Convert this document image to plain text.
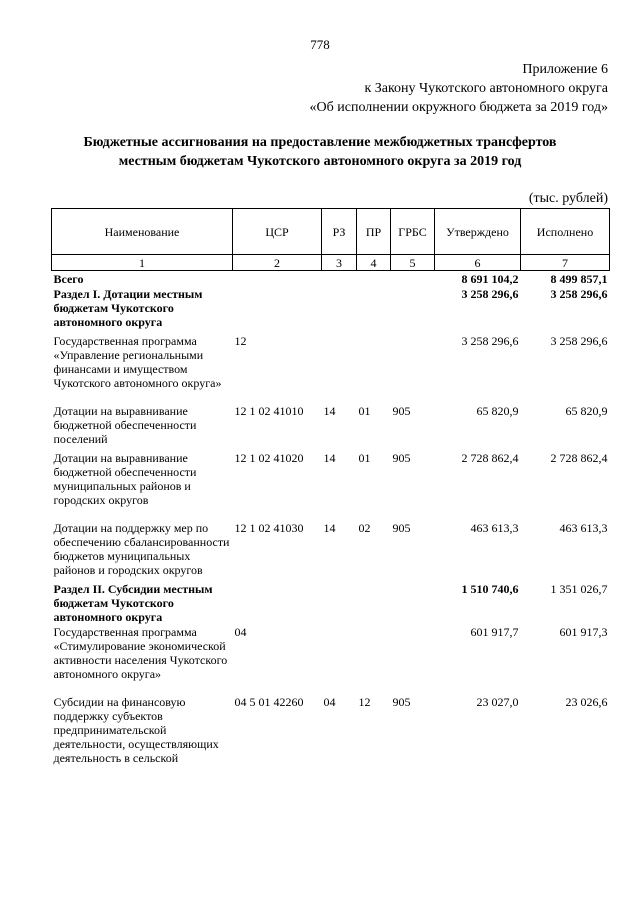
778
Приложение 6
к Закону Чукотского автономного округа
«Об исполнении окружного бюджета за 2019 год»
Бюджетные ассигнования на предоставление межбюджетных трансфертов
местным бюджетам Чукотского автономного округа за 2019 год
(тыс. рублей)
Наименование	ЦСР	РЗ	ПР	ГРБС	Утверждено	Исполнено
1	2	3	4	5	6	7
Всего					8 691 104,2	8 499 857,1
Раздел I. Дотации местным бюджетам Чукотского автономного округа					3 258 296,6	3 258 296,6
Государственная программа «Управление региональными финансами и имуществом Чукотского автономного округа»	12				3 258 296,6	3 258 296,6
Дотации на выравнивание бюджетной обеспеченности поселений	12 1 02 41010	14	01	905	65 820,9	65 820,9
Дотации на выравнивание бюджетной обеспеченности муниципальных районов и городских округов	12 1 02 41020	14	01	905	2 728 862,4	2 728 862,4
Дотации на поддержку мер по обеспечению сбалансированности бюджетов муниципальных районов и городских округов	12 1 02 41030	14	02	905	463 613,3	463 613,3
Раздел II. Субсидии местным бюджетам Чукотского автономного округа					1 510 740,6	1 351 026,7
Государственная программа «Стимулирование экономической активности населения Чукотского автономного округа»	04				601 917,7	601 917,3
Субсидии на финансовую поддержку субъектов предпринимательской деятельности, осуществляющих деятельность в сельской	04 5 01 42260	04	12	905	23 027,0	23 026,6
